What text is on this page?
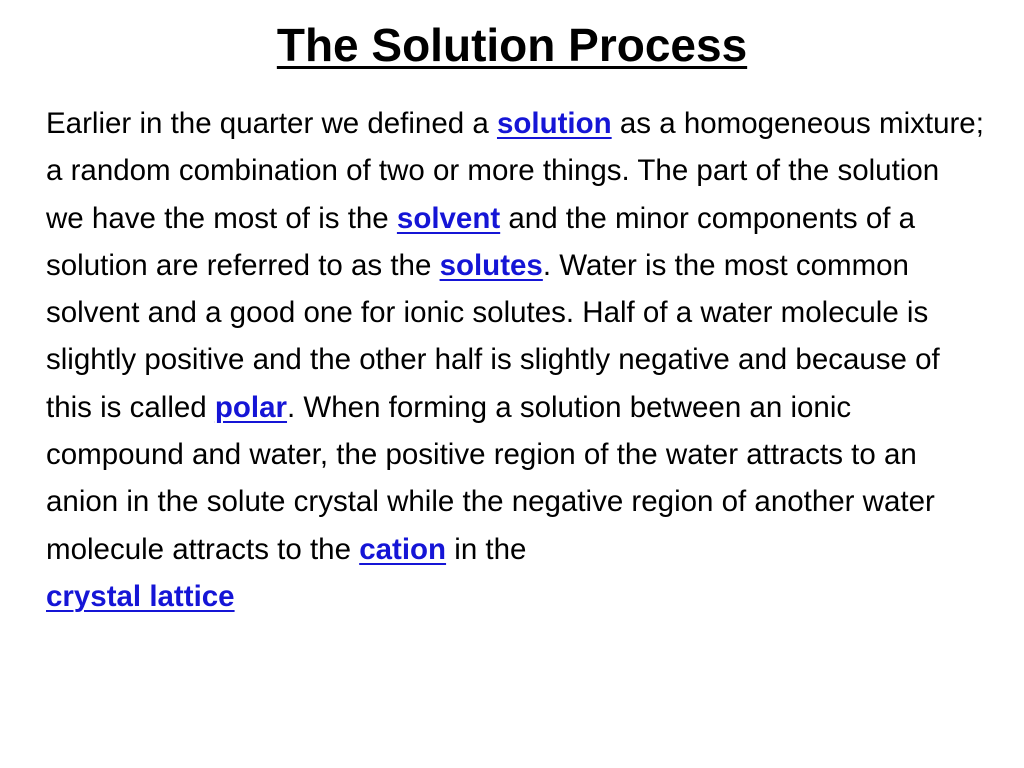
The Solution Process

Earlier in the quarter we defined a solution as a homogeneous mixture; a random combination of two or more things. The part of the solution we have the most of is the solvent and the minor components of a solution are referred to as the solutes. Water is the most common solvent and a good one for ionic solutes. Half of a water molecule is slightly positive and the other half is slightly negative and because of this is called polar. When forming a solution between an ionic compound and water, the positive region of the water attracts to an anion in the solute crystal while the negative region of another water molecule attracts to the cation in the
crystal lattice
